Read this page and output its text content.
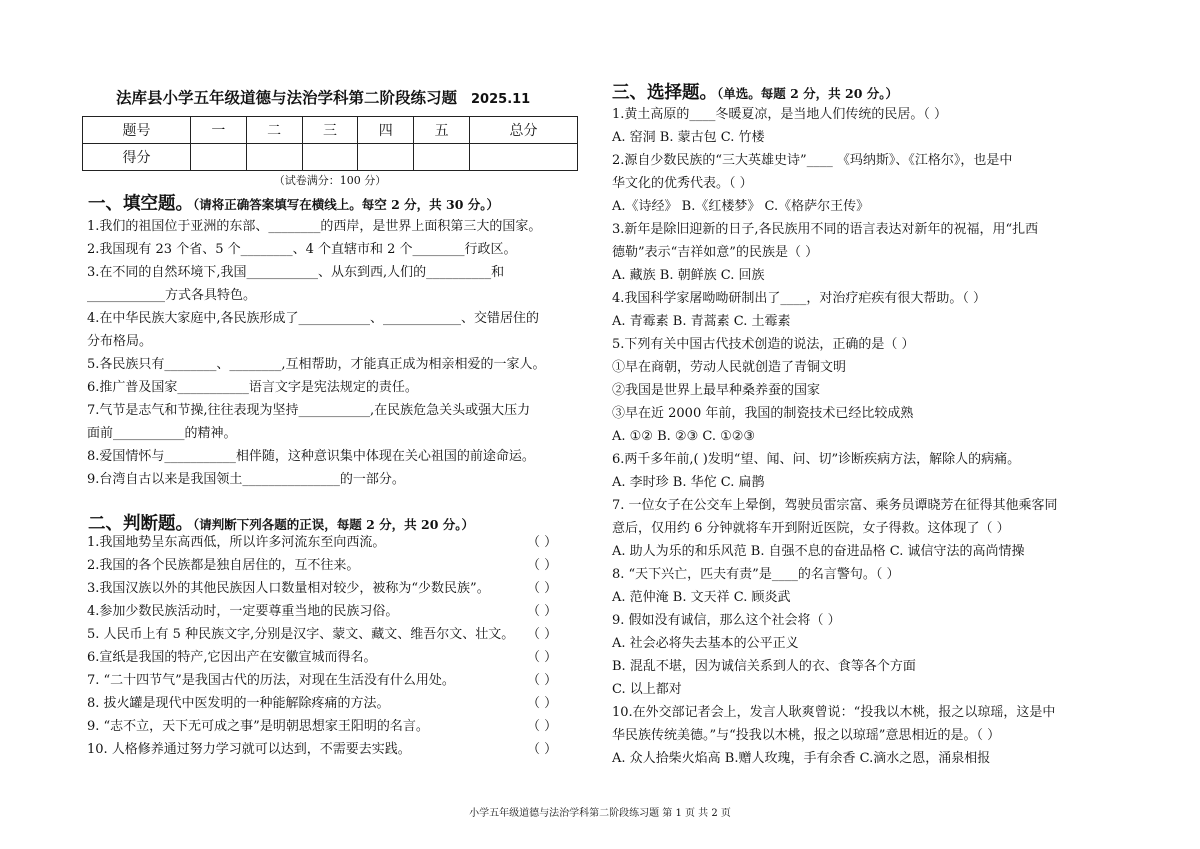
法库县小学五年级道德与法治学科第二阶段练习题 2025.11
题号	一	二	三	四	五	总分
得分						
（试卷满分：100 分）
一、填空题。（请将正确答案填写在横线上。每空 2 分，共 30 分。）
1.我们的祖国位于亚洲的东部、________的西岸，是世界上面积第三大的国家。
2.我国现有 23 个省、5 个________、4 个直辖市和 2 个________行政区。
3.在不同的自然环境下,我国___________、从东到西,人们的__________和
____________方式各具特色。
4.在中华民族大家庭中,各民族形成了___________、____________、交错居住的
分布格局。
5.各民族只有________、________,互相帮助，才能真正成为相亲相爱的一家人。
6.推广普及国家___________语言文字是宪法规定的责任。
7.气节是志气和节操,往往表现为坚持___________,在民族危急关头或强大压力
面前___________的精神。
8.爱国情怀与___________相伴随，这种意识集中体现在关心祖国的前途命运。
9.台湾自古以来是我国领土_______________的一部分。
二、判断题。（请判断下列各题的正误，每题 2 分，共 20 分。）
1.我国地势呈东高西低，所以许多河流东至向西流。	（ ）
2.我国的各个民族都是独自居住的，互不往来。	（ ）
3.我国汉族以外的其他民族因人口数量相对较少，被称为“少数民族”。	（ ）
4.参加少数民族活动时，一定要尊重当地的民族习俗。	（ ）
5. 人民币上有 5 种民族文字,分别是汉字、蒙文、藏文、维吾尔文、壮文。 （ ）
6.宣纸是我国的特产,它因出产在安徽宣城而得名。	（ ）
7. “二十四节气”是我国古代的历法，对现在生活没有什么用处。	（ ）
8. 拔火罐是现代中医发明的一种能解除疼痛的方法。	（ ）
9. “志不立，天下无可成之事”是明朝思想家王阳明的名言。	（ ）
10. 人格修养通过努力学习就可以达到，不需要去实践。	（ ）
三、选择题。（单选。每题 2 分，共 20 分。）
1.黄土高原的____冬暖夏凉，是当地人们传统的民居。（ ）
A. 窑洞 B. 蒙古包 C. 竹楼
2.源自少数民族的“三大英雄史诗”____ 《玛纳斯》、《江格尔》，也是中
华文化的优秀代表。（ ）
A.《诗经》 B.《红楼梦》 C.《格萨尔王传》
3.新年是除旧迎新的日子,各民族用不同的语言表达对新年的祝福，用“扎西
德勒”表示“吉祥如意”的民族是（ ）
A. 藏族 B. 朝鲜族 C. 回族
4.我国科学家屠呦呦研制出了____，对治疗疟疾有很大帮助。（ ）
A. 青霉素 B. 青蒿素 C. 土霉素
5.下列有关中国古代技术创造的说法，正确的是（ ）
①早在商朝，劳动人民就创造了青铜文明
②我国是世界上最早种桑养蚕的国家
③早在近 2000 年前，我国的制瓷技术已经比较成熟
A. ①② B. ②③ C. ①②③
6.两千多年前,( )发明“望、闻、问、切”诊断疾病方法，解除人的病痛。
A. 李时珍 B. 华佗 C. 扁鹊
7. 一位女子在公交车上晕倒，驾驶员雷宗富、乘务员谭晓芳在征得其他乘客同
意后，仅用约 6 分钟就将车开到附近医院，女子得救。这体现了（ ）
A. 助人为乐的和乐风范 B. 自强不息的奋进品格 C. 诚信守法的高尚情操
8. “天下兴亡，匹夫有责”是____的名言警句。（ ）
A. 范仲淹 B. 文天祥 C. 顾炎武
9. 假如没有诚信，那么这个社会将（ ）
A. 社会必将失去基本的公平正义
B. 混乱不堪，因为诚信关系到人的衣、食等各个方面
C. 以上都对
10.在外交部记者会上，发言人耿爽曾说：“投我以木桃，报之以琼瑶，这是中
华民族传统美德。”与“投我以木桃，报之以琼瑶”意思相近的是。（ ）
A. 众人拾柴火焰高 B.赠人玫瑰，手有余香 C.滴水之恩，涌泉相报
小学五年级道德与法治学科第二阶段练习题 第 1 页 共 2 页
